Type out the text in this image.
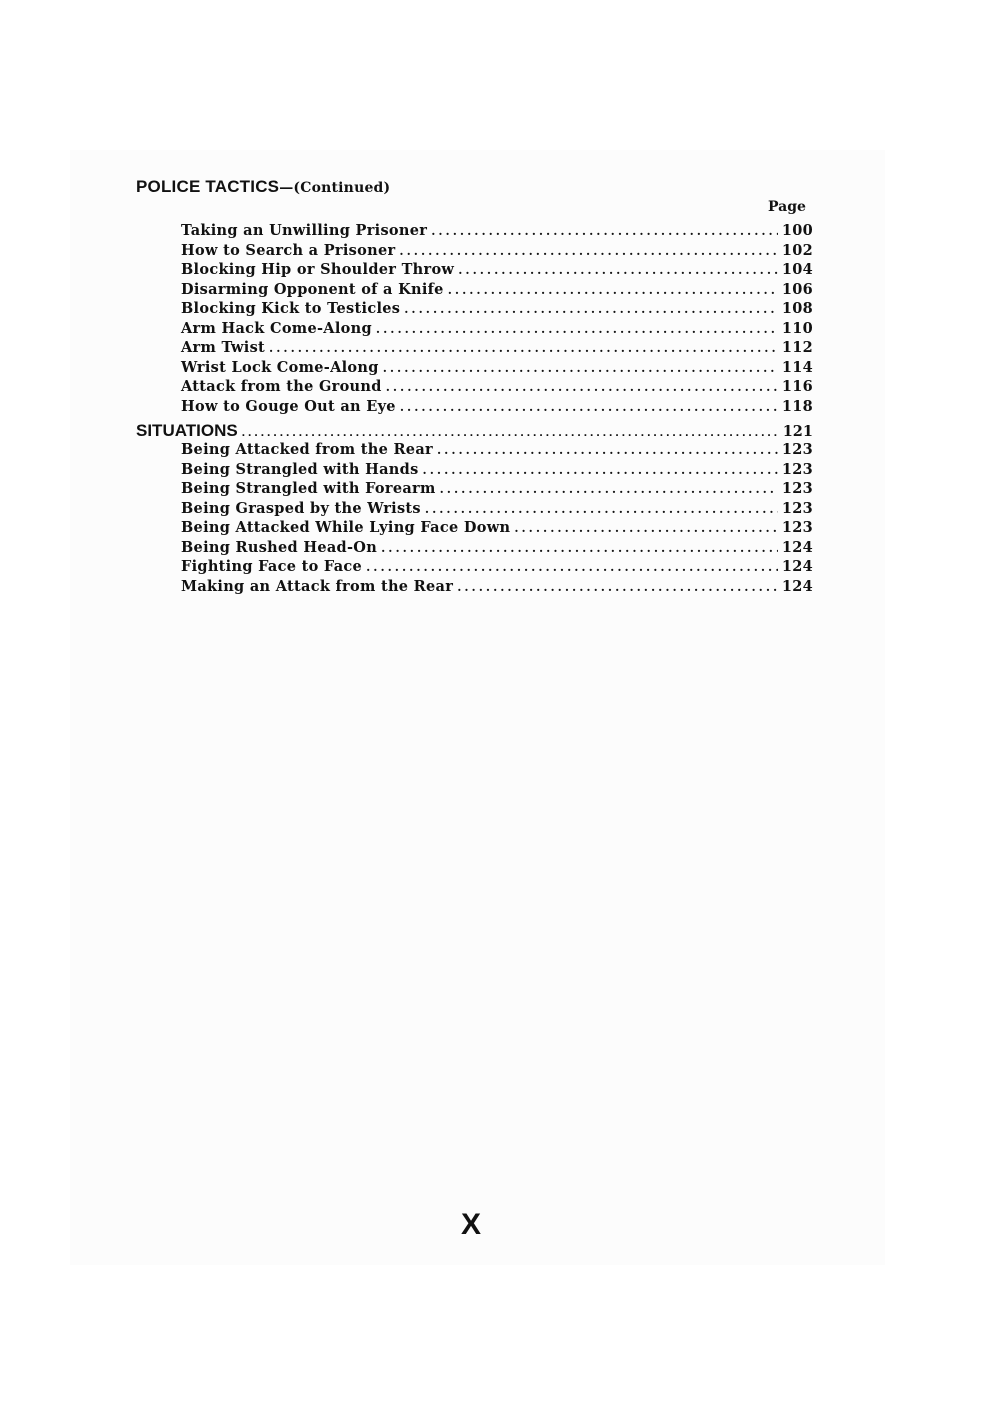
POLICE TACTICS—(Continued)
Page
Taking an Unwilling Prisoner .....	100
How to Search a Prisoner .....	102
Blocking Hip or Shoulder Throw .....	104
Disarming Opponent of a Knife .....	106
Blocking Kick to Testicles .....	108
Arm Hack Come-Along .....	110
Arm Twist .....	112
Wrist Lock Come-Along .....	114
Attack from the Ground .....	116
How to Gouge Out an Eye .....	118
SITUATIONS .....	121
Being Attacked from the Rear .....	123
Being Strangled with Hands .....	123
Being Strangled with Forearm .....	123
Being Grasped by the Wrists .....	123
Being Attacked While Lying Face Down .....	123
Being Rushed Head-On .....	124
Fighting Face to Face .....	124
Making an Attack from the Rear .....	124
X
